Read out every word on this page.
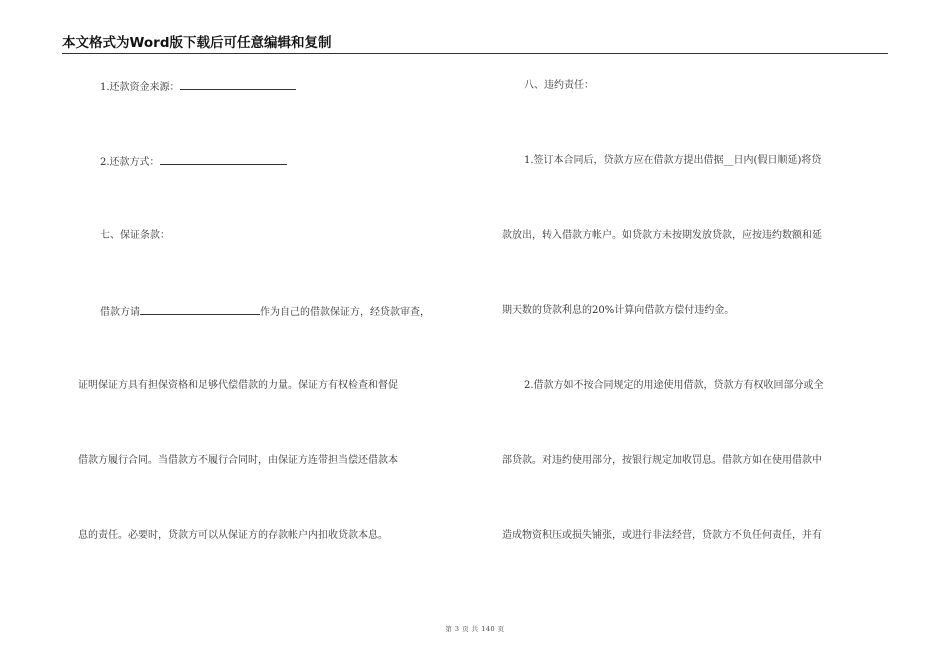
本文格式为Word版下载后可任意编辑和复制
1.还款资金来源：
2.还款方式：
七、保证条款：
借款方请	作为自己的借款保证方，经贷款审查，
证明保证方具有担保资格和足够代偿借款的力量。保证方有权检查和督促
借款方履行合同。当借款方不履行合同时，由保证方连带担当偿还借款本
息的责任。必要时，贷款方可以从保证方的存款帐户内扣收贷款本息。
八、违约责任：
1.签订本合同后，贷款方应在借款方提出借据__日内(假日顺延)将贷
款放出，转入借款方帐户。如贷款方未按期发放贷款，应按违约数额和延
期天数的贷款利息的20%计算向借款方偿付违约金。
2.借款方如不按合同规定的用途使用借款，贷款方有权收回部分或全
部贷款。对违约使用部分，按银行规定加收罚息。借款方如在使用借款中
造成物资积压或损失铺张，或进行非法经营，贷款方不负任何责任，并有
第 3 页 共 140 页
